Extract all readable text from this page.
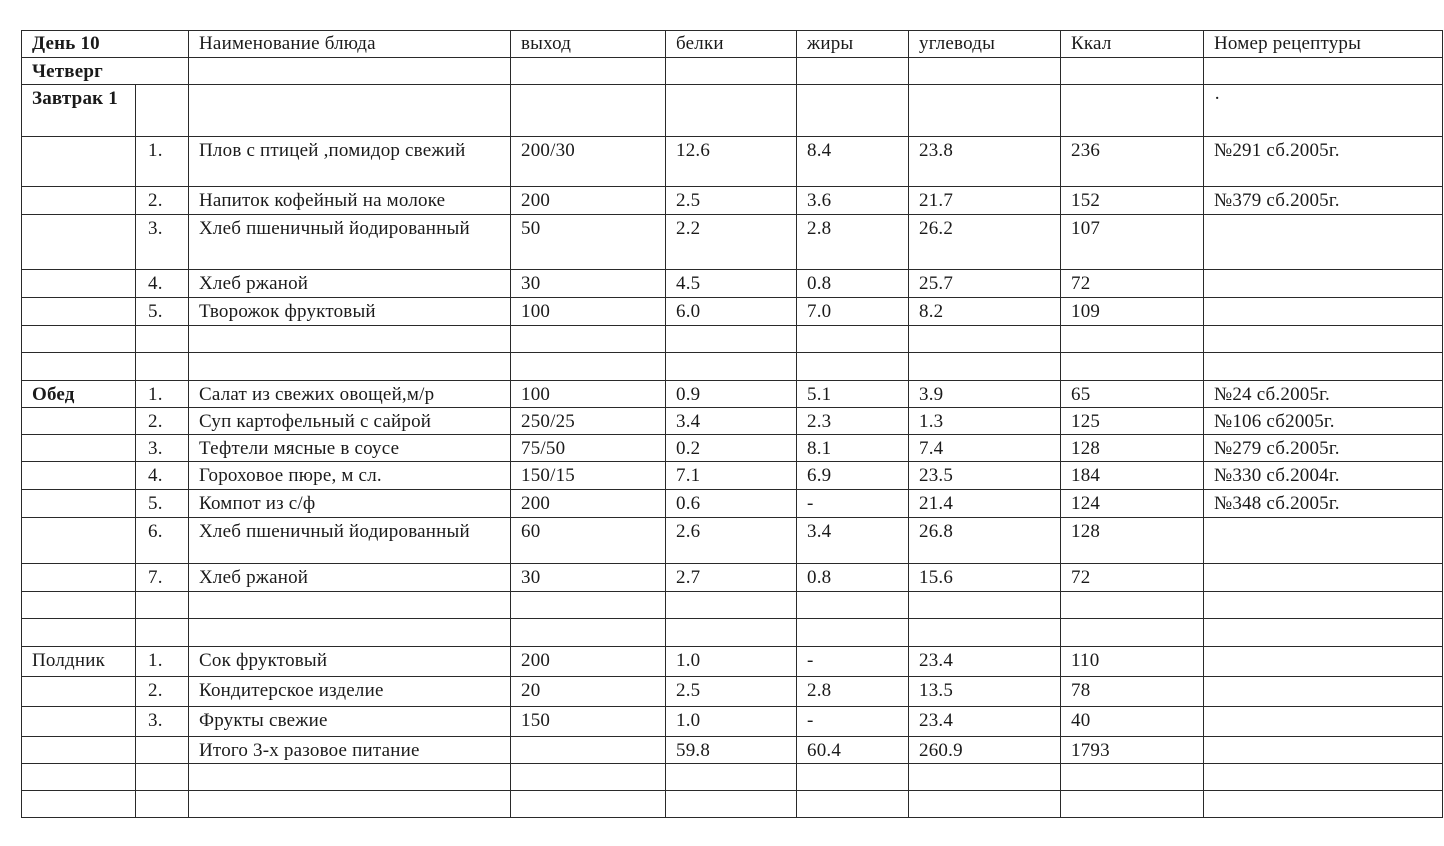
День 10		Наименование блюда	выход	белки	жиры	углеводы	Ккал	Номер рецептуры
Четверг								
Завтрак 1								·
	1.	Плов с птицей ,помидор свежий	200/30	12.6	8.4	23.8	236	№291 сб.2005г.
	2.	Напиток кофейный на молоке	200	2.5	3.6	21.7	152	№379 сб.2005г.
	3.	Хлеб пшеничный йодированный	50	2.2	2.8	26.2	107	
	4.	Хлеб ржаной	30	4.5	0.8	25.7	72	
	5.	Творожок фруктовый	100	6.0	7.0	8.2	109	

Обед	1.	Салат из свежих овощей,м/р	100	0.9	5.1	3.9	65	№24 сб.2005г.
	2.	Суп картофельный с сайрой	250/25	3.4	2.3	1.3	125	№106 сб2005г.
	3.	Тефтели мясные в соусе	75/50	0.2	8.1	7.4	128	№279 сб.2005г.
	4.	Гороховое пюре, м сл.	150/15	7.1	6.9	23.5	184	№330 сб.2004г.
	5.	Компот из с/ф	200	0.6	-	21.4	124	№348 сб.2005г.
	6.	Хлеб пшеничный йодированный	60	2.6	3.4	26.8	128	
	7.	Хлеб ржаной	30	2.7	0.8	15.6	72	

Полдник	1.	Сок фруктовый	200	1.0	-	23.4	110	
	2.	Кондитерское изделие	20	2.5	2.8	13.5	78	
	3.	Фрукты свежие	150	1.0	-	23.4	40	
		Итого 3-х разовое питание		59.8	60.4	260.9	1793	
